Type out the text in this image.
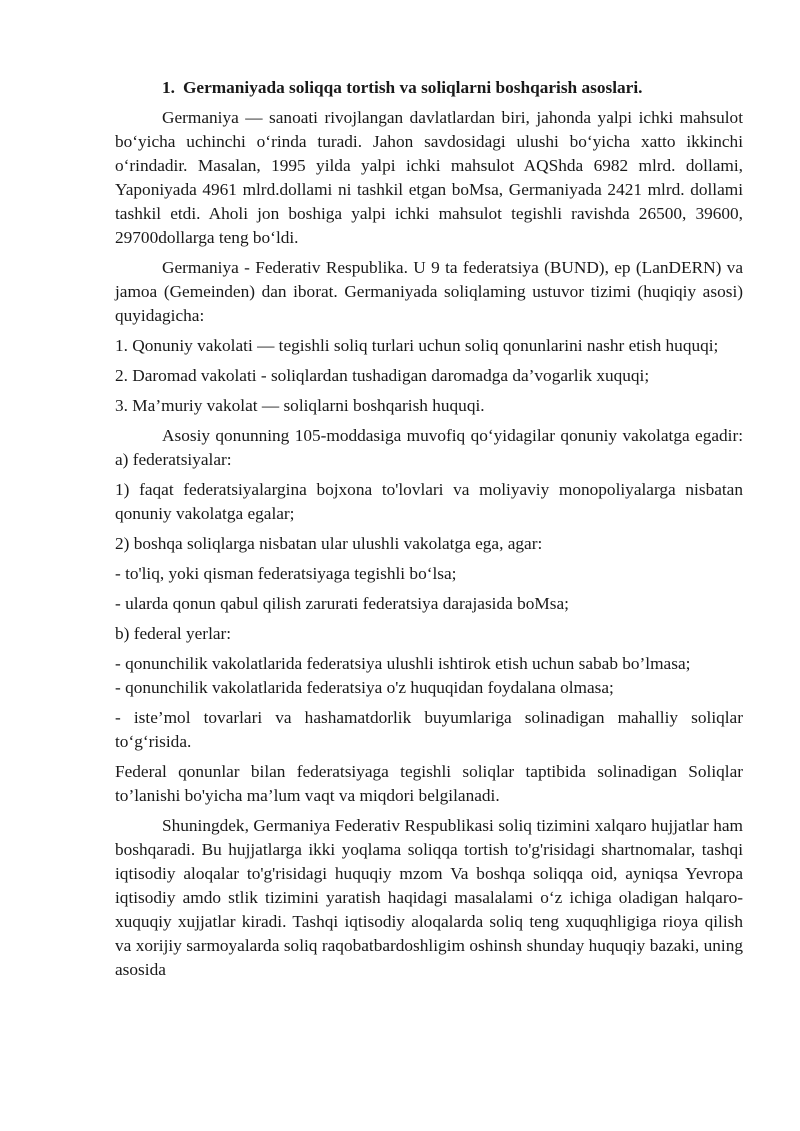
1. Germaniyada soliqqa tortish va soliqlarni boshqarish asoslari.

Germaniya — sanoati rivojlangan davlatlardan biri, jahonda yalpi ichki mahsulot bo‘yicha uchinchi o‘rinda turadi. Jahon savdosidagi ulushi bo‘yicha xatto ikkinchi o‘rindadir. Masalan, 1995 yilda yalpi ichki mahsulot AQShda 6982 mlrd. dollami, Yaponiyada 4961 mlrd.dollami ni tashkil etgan boMsa, Germaniyada 2421 mlrd. dollami tashkil etdi. Aholi jon boshiga yalpi ichki mahsulot tegishli ravishda 26500, 39600, 29700dollarga teng bo‘ldi.

Germaniya - Federativ Respublika. U 9 ta federatsiya (BUND), ep (LanDERN) va jamoa (Gemeinden) dan iborat. Germaniyada soliqlaming ustuvor tizimi (huqiqiy asosi) quyidagicha:

1. Qonuniy vakolati — tegishli soliq turlari uchun soliq qonunlarini nashr etish huquqi;

2. Daromad vakolati - soliqlardan tushadigan daromadga da’vogarlik xuquqi;

3. Ma’muriy vakolat — soliqlarni boshqarish huquqi.

Asosiy qonunning 105-moddasiga muvofiq qo‘yidagilar qonuniy vakolatga egadir: a) federatsiyalar:

1) faqat federatsiyalargina bojxona to'lovlari va moliyaviy monopoliyalarga nisbatan qonuniy vakolatga egalar;

2) boshqa soliqlarga nisbatan ular ulushli vakolatga ega, agar:

- to'liq, yoki qisman federatsiyaga tegishli bo‘lsa;

- ularda qonun qabul qilish zarurati federatsiya darajasida boMsa;

b) federal yerlar:

- qonunchilik vakolatlarida federatsiya ulushli ishtirok etish uchun sabab bo’lmasa;

- qonunchilik vakolatlarida federatsiya o'z huquqidan foydalana olmasa;

- iste’mol tovarlari va hashamatdorlik buyumlariga solinadigan mahalliy soliqlar to‘g‘risida.

Federal qonunlar bilan federatsiyaga tegishli soliqlar taptibida solinadigan Soliqlar to’lanishi bo'yicha ma’lum vaqt va miqdori belgilanadi.

Shuningdek, Germaniya Federativ Respublikasi soliq tizimini xalqaro hujjatlar ham boshqaradi. Bu hujjatlarga ikki yoqlama soliqqa tortish to'g'risidagi shartnomalar, tashqi iqtisodiy aloqalar to'g'risidagi huquqiy mzom Va boshqa soliqqa oid, ayniqsa Yevropa iqtisodiy amdo stlik tizimini yaratish haqidagi masalalami o‘z ichiga oladigan halqaro-xuquqiy xujjatlar kiradi. Tashqi iqtisodiy aloqalarda soliq teng xuquqhligiga rioya qilish va xorijiy sarmoyalarda soliq raqobatbardoshligim oshinsh shunday huquqiy bazaki, uning asosida
